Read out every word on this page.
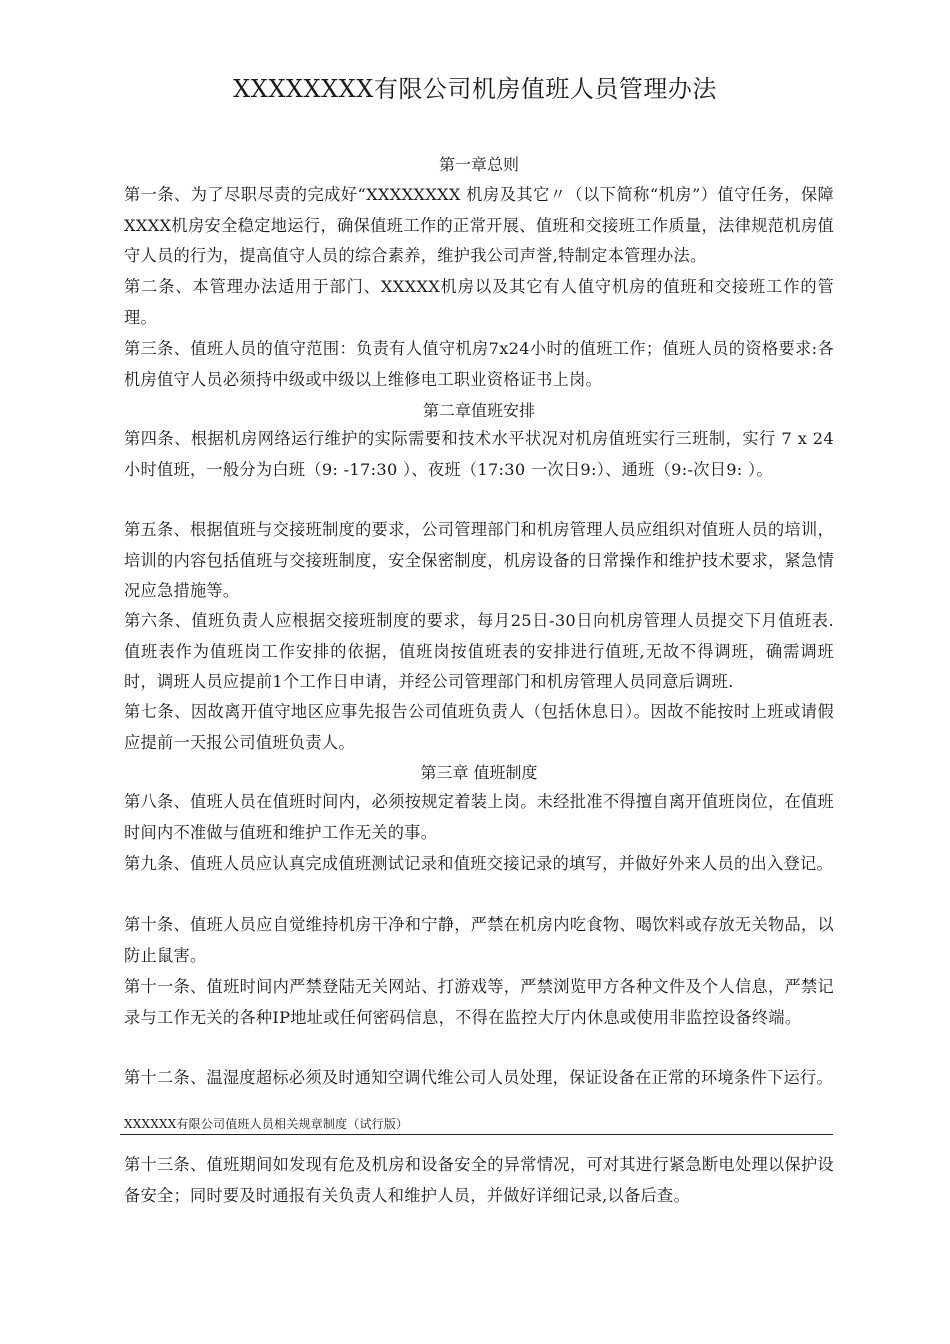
XXXXXXXX有限公司机房值班人员管理办法
第一章总则

第一条、为了尽职尽责的完成好“XXXXXXXX 机房及其它〃（以下简称“机房”）值守任务，保障XXXX机房安全稳定地运行，确保值班工作的正常开展、值班和交接班工作质量，法律规范机房值守人员的行为，提高值守人员的综合素养，维护我公司声誉,特制定本管理办法。

第二条、本管理办法适用于部门、XXXXX机房以及其它有人值守机房的值班和交接班工作的管理。

第三条、值班人员的值守范围：负责有人值守机房7x24小时的值班工作；值班人员的资格要求:各机房值守人员必须持中级或中级以上维修电工职业资格证书上岗。

第二章值班安排

第四条、根据机房网络运行维护的实际需要和技术水平状况对机房值班实行三班制，实行 7 x 24小时值班，一般分为白班（9: -17:30 ）、夜班（17:30 一次日9:）、通班（9:-次日9: ）。

第五条、根据值班与交接班制度的要求，公司管理部门和机房管理人员应组织对值班人员的培训，培训的内容包括值班与交接班制度，安全保密制度，机房设备的日常操作和维护技术要求，紧急情况应急措施等。

第六条、值班负责人应根据交接班制度的要求，每月25日-30日向机房管理人员提交下月值班表.值班表作为值班岗工作安排的依据，值班岗按值班表的安排进行值班,无故不得调班，确需调班时，调班人员应提前1个工作日申请，并经公司管理部门和机房管理人员同意后调班.

第七条、因故离开值守地区应事先报告公司值班负责人（包括休息日）。因故不能按时上班或请假应提前一天报公司值班负责人。

第三章 值班制度

第八条、值班人员在值班时间内，必须按规定着装上岗。未经批准不得擅自离开值班岗位，在值班时间内不准做与值班和维护工作无关的事。

第九条、值班人员应认真完成值班测试记录和值班交接记录的填写，并做好外来人员的出入登记。

第十条、值班人员应自觉维持机房干净和宁静，严禁在机房内吃食物、喝饮料或存放无关物品，以防止鼠害。

第十一条、值班时间内严禁登陆无关网站、打游戏等，严禁浏览甲方各种文件及个人信息，严禁记录与工作无关的各种IP地址或任何密码信息，不得在监控大厅内休息或使用非监控设备终端。

第十二条、温湿度超标必须及时通知空调代维公司人员处理，保证设备在正常的环境条件下运行。

XXXXXX有限公司值班人员相关规章制度（试行版）

第十三条、值班期间如发现有危及机房和设备安全的异常情况，可对其进行紧急断电处理以保护设备安全；同时要及时通报有关负责人和维护人员，并做好详细记录,以备后查。
